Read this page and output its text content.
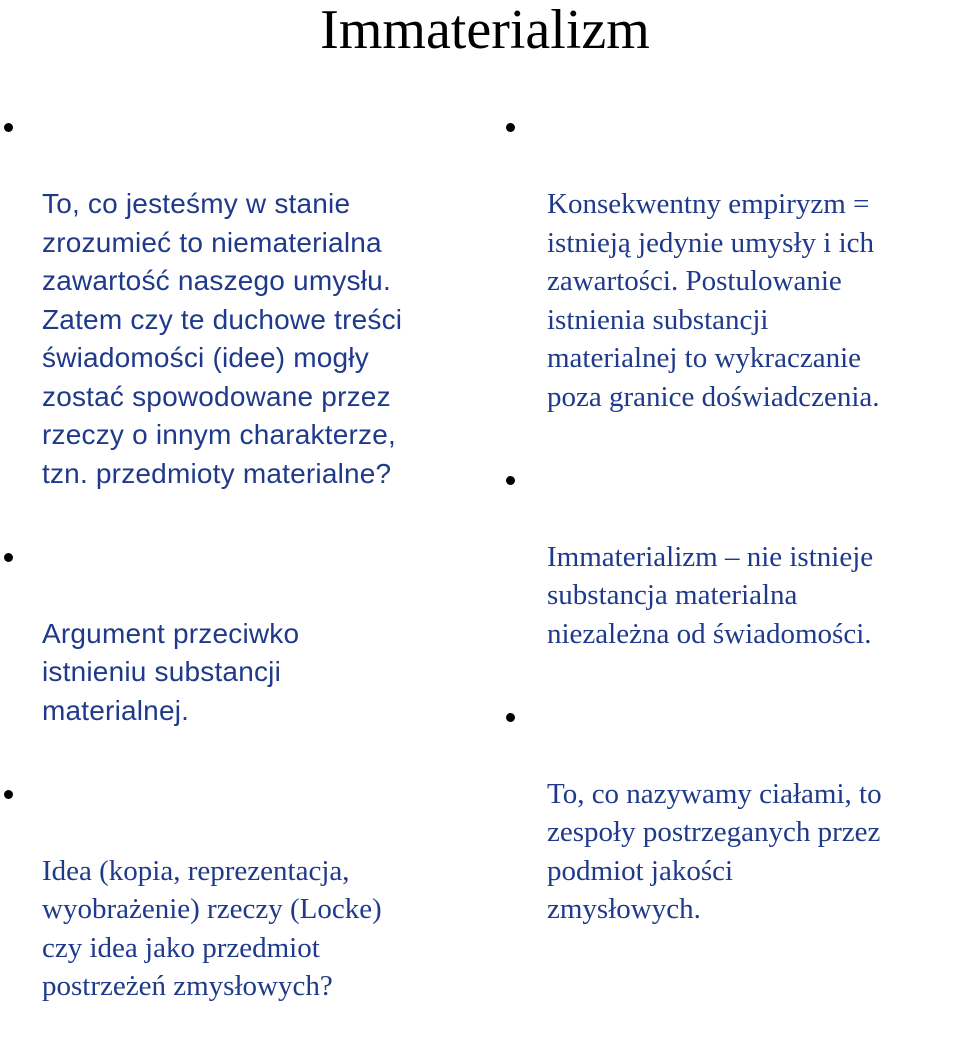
Immaterializm

To, co jesteśmy w stanie
zrozumieć to niematerialna
zawartość naszego umysłu.
Zatem czy te duchowe treści
świadomości (idee) mogły
zostać spowodowane przez
rzeczy o innym charakterze,
tzn. przedmioty materialne?

Argument przeciwko
istnieniu substancji
materialnej.

Idea (kopia, reprezentacja,
wyobrażenie) rzeczy (Locke)
czy idea jako przedmiot
postrzeżeń zmysłowych?

Konsekwentny empiryzm =
istnieją jedynie umysły i ich
zawartości. Postulowanie
istnienia substancji
materialnej to wykraczanie
poza granice doświadczenia.

Immaterializm – nie istnieje
substancja materialna
niezależna od świadomości.

To, co nazywamy ciałami, to
zespoły postrzeganych przez
podmiot jakości
zmysłowych.
